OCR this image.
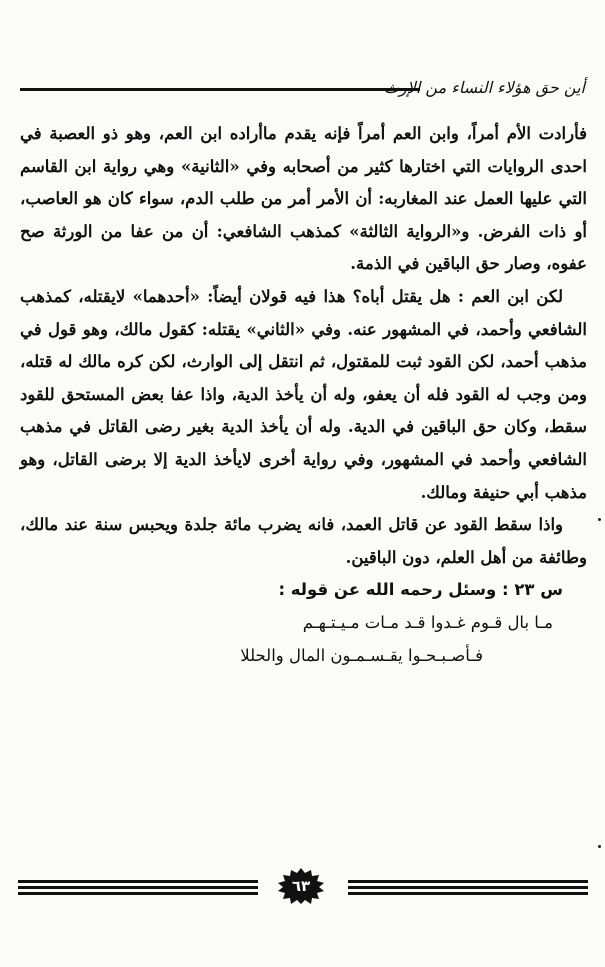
أين حق هؤلاء النساء من الإرث

فأرادت الأم أمراً، وابن العم أمراً فإنه يقدم ماأراده ابن العم، وهو ذو العصبة في احدى الروايات التي اختارها كثير من أصحابه وفي «الثانية» وهي رواية ابن القاسم التي عليها العمل عند المغاربه: أن الأمر أمر من طلب الدم، سواء كان هو العاصب، أو ذات الفرض. و«الرواية الثالثة» كمذهب الشافعي: أن من عفا من الورثة صح عفوه، وصار حق الباقين في الذمة.

لكن ابن العم : هل يقتل أباه؟ هذا فيه قولان أيضاً: «أحدهما» لايقتله، كمذهب الشافعي وأحمد، في المشهور عنه. وفي «الثاني» يقتله: كقول مالك، وهو قول في مذهب أحمد، لكن القود ثبت للمقتول، ثم انتقل إلى الوارث، لكن كره مالك له قتله، ومن وجب له القود فله أن يعفو، وله أن يأخذ الدية، واذا عفا بعض المستحق للقود سقط، وكان حق الباقين في الدية. وله أن يأخذ الدية بغير رضى القاتل في مذهب الشافعي وأحمد في المشهور، وفي رواية أخرى لايأخذ الدية إلا برضى القاتل، وهو مذهب أبي حنيفة ومالك.

واذا سقط القود عن قاتل العمد، فانه يضرب مائة جلدة ويحبس سنة عند مالك، وطائفة من أهل العلم، دون الباقين.

س ٢٣ : وسئل رحمه الله عن قوله :

مـا بال قـوم غـدوا قـد مـات مـيـتـهـم

فـأصـبـحـوا يقـسـمـون المال والحللا

٦٣
